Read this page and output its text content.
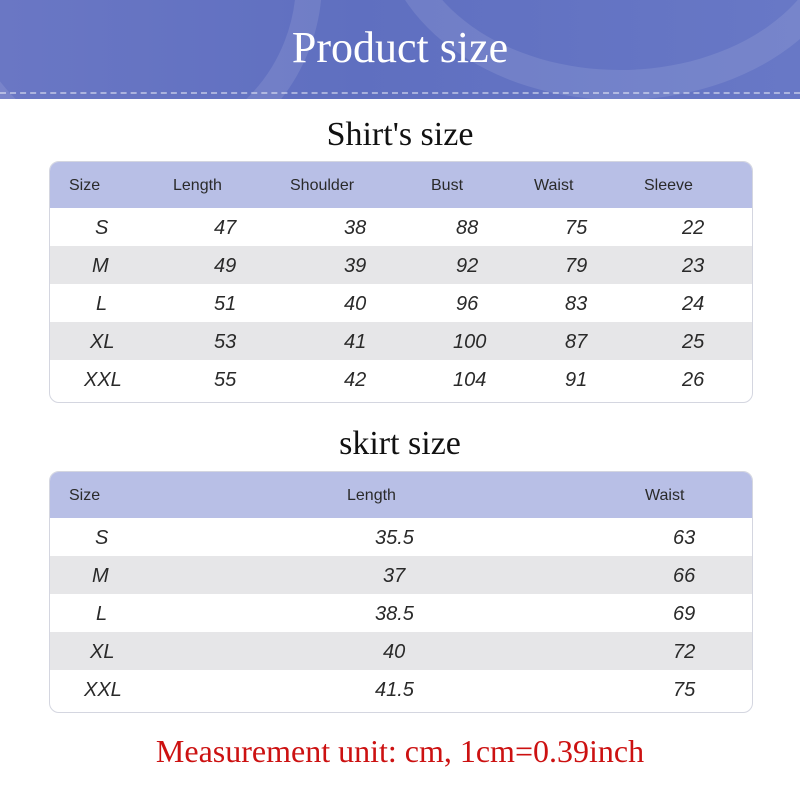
Product size
Shirt's size
Size	Length	Shoulder	Bust	Waist	Sleeve
S	47	38	88	75	22
M	49	39	92	79	23
L	51	40	96	83	24
XL	53	41	100	87	25
XXL	55	42	104	91	26
skirt size
Size	Length	Waist
S	35.5	63
M	37	66
L	38.5	69
XL	40	72
XXL	41.5	75
Measurement unit: cm, 1cm=0.39inch
